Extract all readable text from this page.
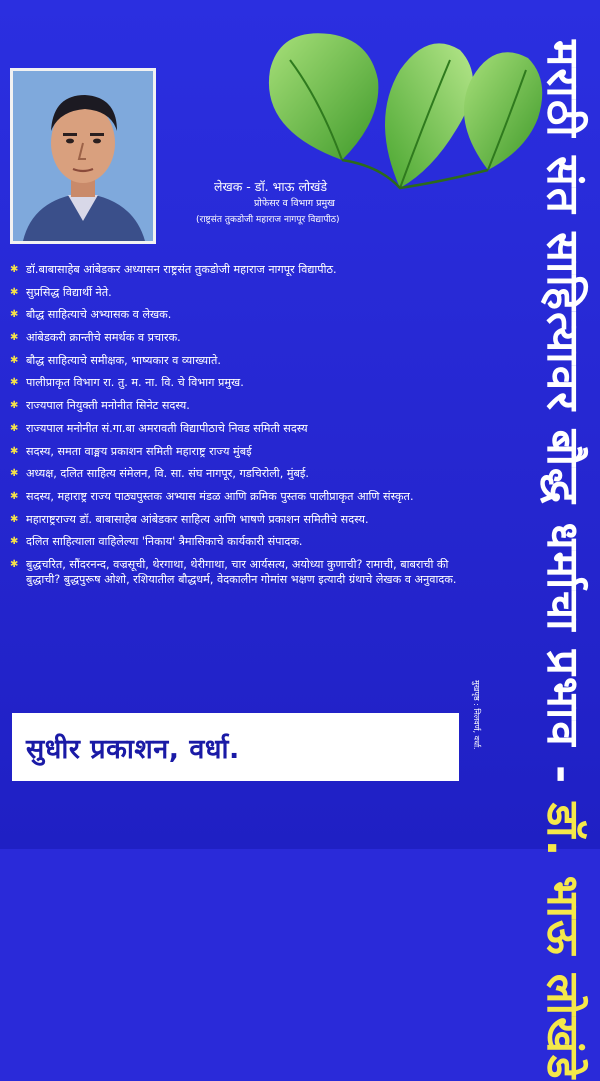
लेखक - डॉ. भाऊ लोखंडे
प्रोफेसर व विभाग प्रमुख
(राष्ट्रसंत तुकडोजी महाराज नागपूर विद्यापीठ)
✱ डॉ.बाबासाहेब आंबेडकर अध्यासन राष्ट्रसंत तुकडोजी महाराज नागपूर विद्यापीठ.
✱ सुप्रसिद्ध विद्यार्थी नेते.
✱ बौद्ध साहित्याचे अभ्यासक व लेखक.
✱ आंबेडकरी क्रान्तीचे समर्थक व प्रचारक.
✱ बौद्ध साहित्याचे समीक्षक, भाष्यकार व व्याख्याते.
✱ पालीप्राकृत विभाग रा. तु. म. ना. वि. चे विभाग प्रमुख.
✱ राज्यपाल नियुक्ती मनोनीत सिनेट सदस्य.
✱ राज्यपाल मनोनीत सं.गा.बा अमरावती विद्यापीठाचे निवड समिती सदस्य
✱ सदस्य, समता वाङ्मय प्रकाशन समिती महाराष्ट्र राज्य मुंबई
✱ अध्यक्ष, दलित साहित्य संमेलन, वि. सा. संघ नागपूर, गडचिरोली, मुंबई.
✱ सदस्य, महाराष्ट्र राज्य पाठ्यपुस्तक अभ्यास मंडळ आणि क्रमिक पुस्तक पालीप्राकृत आणि संस्कृत.
✱ महाराष्ट्रराज्य डॉ. बाबासाहेब आंबेडकर साहित्य आणि भाषणे प्रकाशन समितीचे सदस्य.
✱ दलित साहित्याला वाहिलेल्या 'निकाय' त्रैमासिकाचे कार्यकारी संपादक.
✱ बुद्धचरित, सौंदरनन्द, वज्रसूची, थेरगाथा, थेरीगाथा, चार आर्यसत्य, अयोध्या कुणाची? रामाची, बाबराची की बुद्धाची? बुद्धपुरूष ओशो, रशियातील बौद्धधर्म, वेदकालीन गोमांस भक्षण इत्यादी ग्रंथाचे लेखक व अनुवादक.
सुधीर प्रकाशन, वर्धा.	मुखपृष्ठ : निलवर्ण, वर्धा. मराठी संत साहित्यावर बौद्ध धर्माचा प्रभाव - डॉ. भाऊ लोखंडे
